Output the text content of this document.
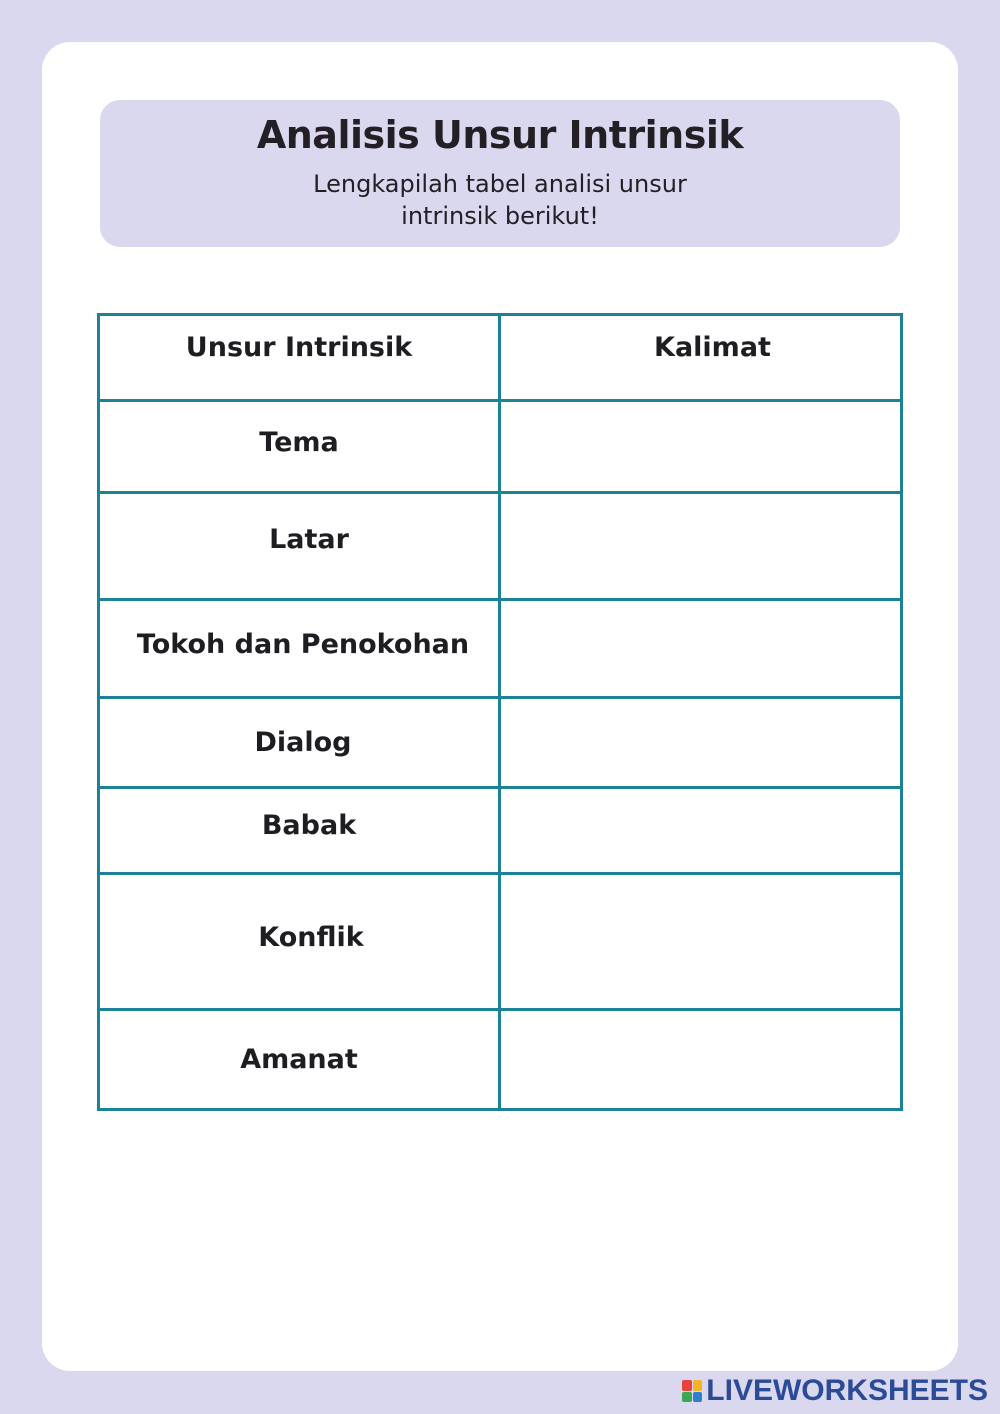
Analisis Unsur Intrinsik
Lengkapilah tabel analisi unsur intrinsik berikut!
Unsur Intrinsik	Kalimat

Tema	

Latar	

Tokoh dan Penokohan	

Dialog	

Babak	

Konflik	

Amanat	

LIVEWORKSHEETS
